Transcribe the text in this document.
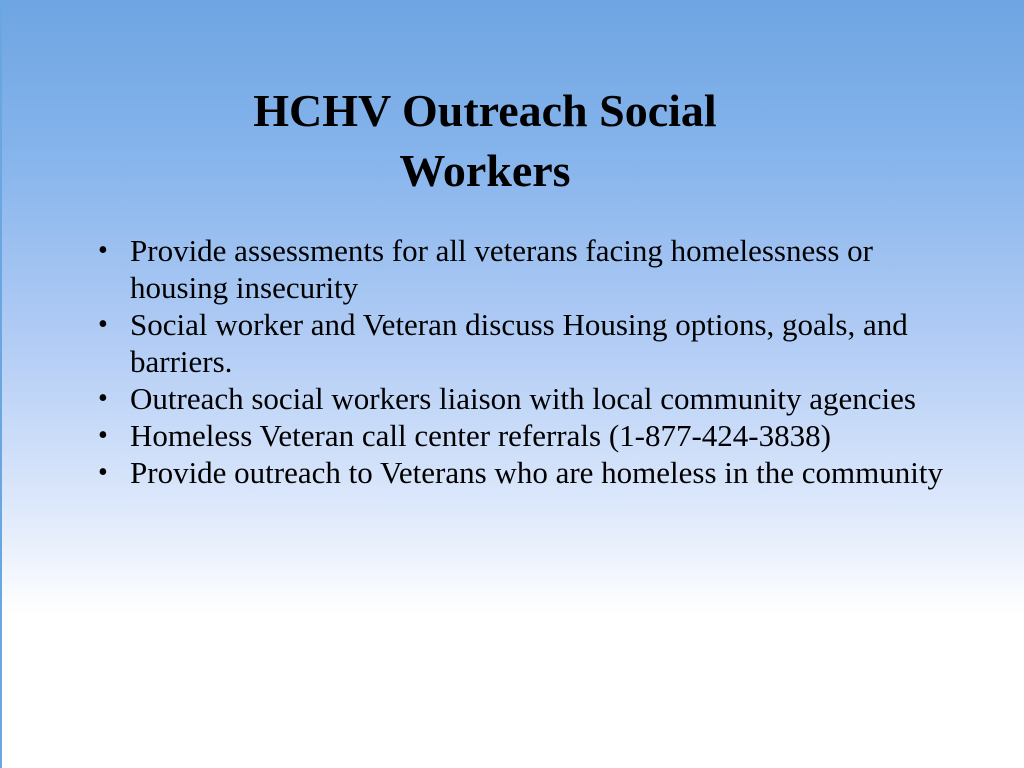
HCHV Outreach Social
Workers
• Provide assessments for all veterans facing homelessness or housing insecurity
• Social worker and Veteran discuss Housing options, goals, and barriers.
• Outreach social workers liaison with local community agencies
• Homeless Veteran call center referrals (1-877-424-3838)
• Provide outreach to Veterans who are homeless in the community
